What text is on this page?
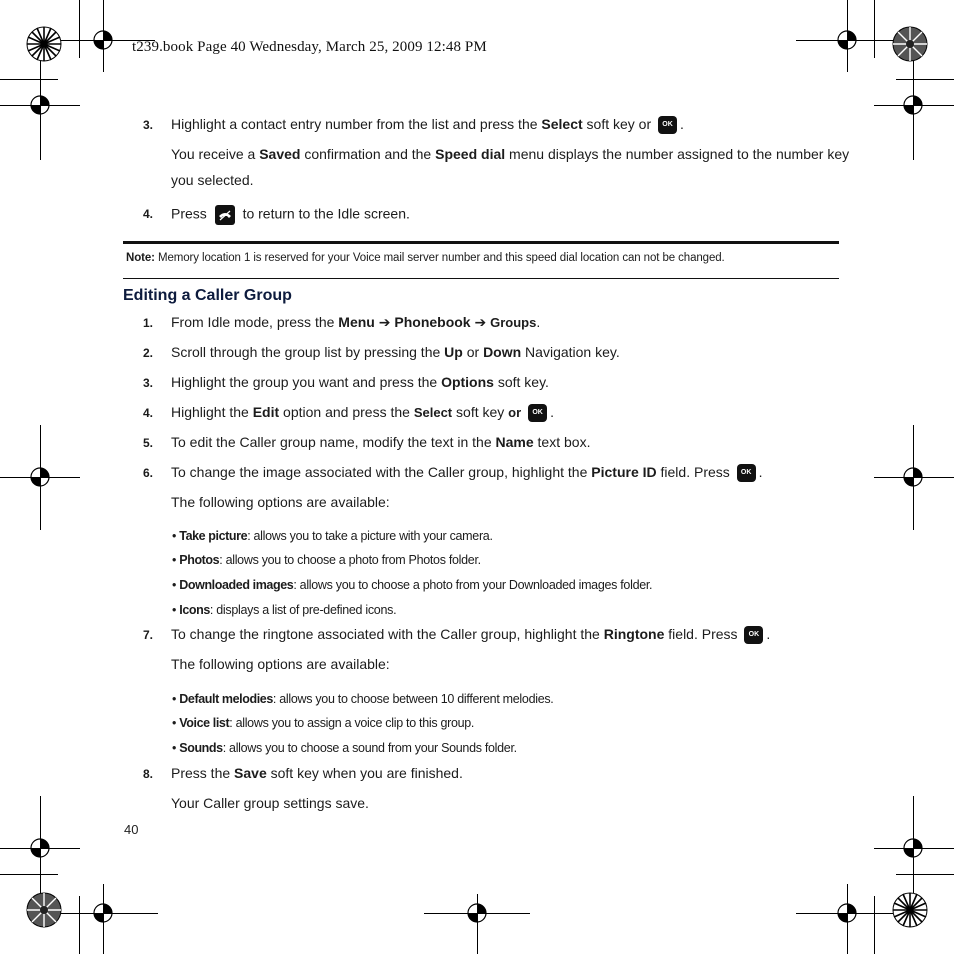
t239.book Page 40 Wednesday, March 25, 2009 12:48 PM
3.	Highlight a contact entry number from the list and press the Select soft key or OK .
You receive a Saved confirmation and the Speed dial menu displays the number assigned to the number key
you selected.
4.	Press	to return to the Idle screen.
Note: Memory location 1 is reserved for your Voice mail server number and this speed dial location can not be changed.
Editing a Caller Group
1.	From Idle mode, press the Menu ➔ Phonebook ➔ Groups.
2.	Scroll through the group list by pressing the Up or Down Navigation key.
3.	Highlight the group you want and press the Options soft key.
4.	Highlight the Edit option and press the Select soft key or OK .
5.	To edit the Caller group name, modify the text in the Name text box.
6.	To change the image associated with the Caller group, highlight the Picture ID field. Press OK .
The following options are available:
• Take picture: allows you to take a picture with your camera.
• Photos: allows you to choose a photo from Photos folder.
• Downloaded images: allows you to choose a photo from your Downloaded images folder.
• Icons: displays a list of pre-defined icons.
7.	To change the ringtone associated with the Caller group, highlight the Ringtone field. Press OK .
The following options are available:
• Default melodies: allows you to choose between 10 different melodies.
• Voice list: allows you to assign a voice clip to this group.
• Sounds: allows you to choose a sound from your Sounds folder.
8.	Press the Save soft key when you are finished.
Your Caller group settings save.
40
